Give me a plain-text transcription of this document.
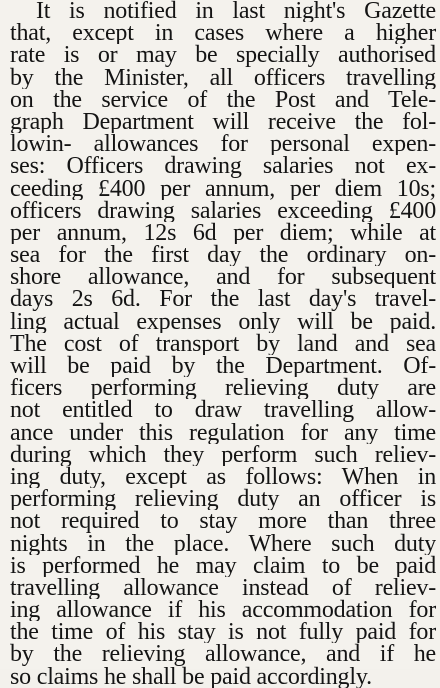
It is notified in last night's Gazette
that, except in cases where a higher
rate is or may be specially authorised
by the Minister, all officers travelling
on the service of the Post and Tele-
graph Department will receive the fol-
lowin- allowances for personal expen-
ses: Officers drawing salaries not ex-
ceeding £400 per annum, per diem 10s;
officers drawing salaries exceeding £400
per annum, 12s 6d per diem; while at
sea for the first day the ordinary on-
shore allowance, and for subsequent
days 2s 6d. For the last day's travel-
ling actual expenses only will be paid.
The cost of transport by land and sea
will be paid by the Department. Of-
ficers performing relieving duty are
not entitled to draw travelling allow-
ance under this regulation for any time
during which they perform such reliev-
ing duty, except as follows: When in
performing relieving duty an officer is
not required to stay more than three
nights in the place. Where such duty
is performed he may claim to be paid
travelling allowance instead of reliev-
ing allowance if his accommodation for
the time of his stay is not fully paid for
by the relieving allowance, and if he
so claims he shall be paid accordingly.
